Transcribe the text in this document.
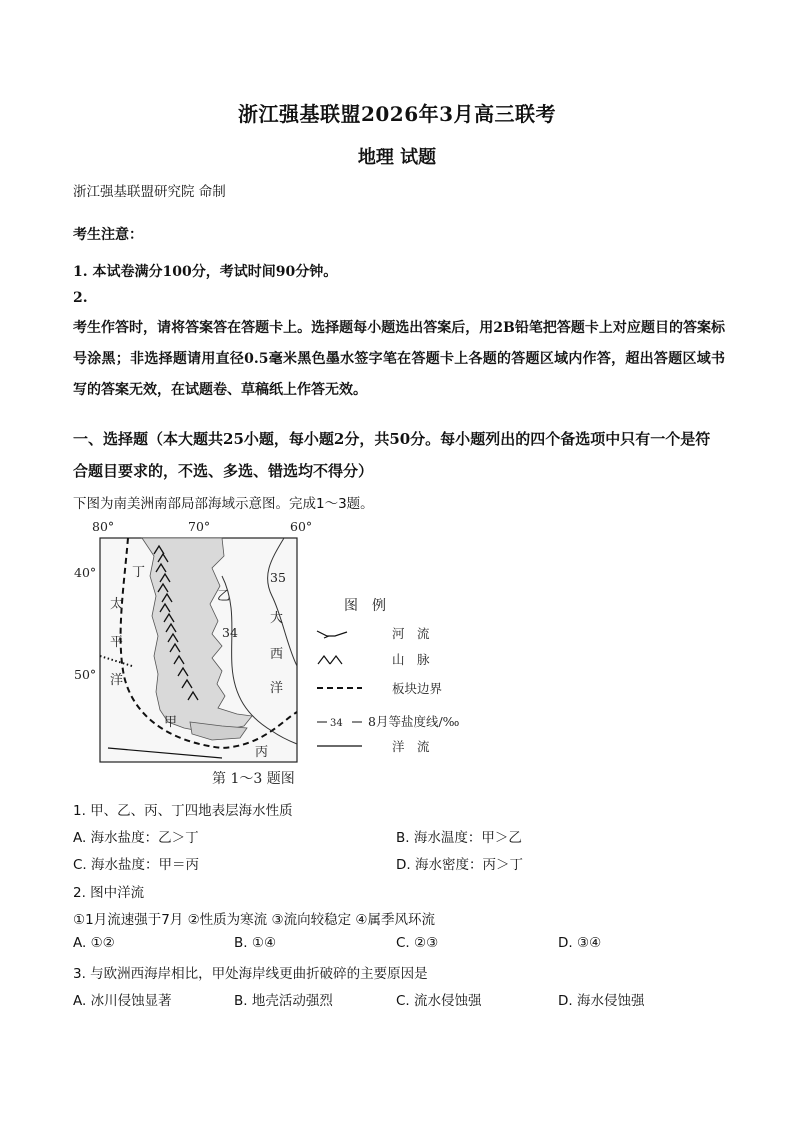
浙江强基联盟2026年3月高三联考
地理 试题
浙江强基联盟研究院 命制
考生注意：
1. 本试卷满分100分，考试时间90分钟。
2.
考生作答时，请将答案答在答题卡上。选择题每小题选出答案后，用2B铅笔把答题卡上对应题目的答案标号涂黑；非选择题请用直径0.5毫米黑色墨水签字笔在答题卡上各题的答题区域内作答，超出答题区域书写的答案无效，在试题卷、草稿纸上作答无效。
一、选择题（本大题共25小题，每小题2分，共50分。每小题列出的四个备选项中只有一个是符合题目要求的，不选、多选、错选均不得分）
下图为南美洲南部局部海域示意图。完成1～3题。
80°	70°	60°
40°
50°
35
34
丁
乙
甲
丙
太
平
洋
大
西
洋
图　例
河　流
山　脉
板块边界
34 8月等盐度线/‰
洋　流
第 1～3 题图
1. 甲、乙、丙、丁四地表层海水性质
A. 海水盐度：乙＞丁	B. 海水温度：甲＞乙
C. 海水盐度：甲＝丙	D. 海水密度：丙＞丁
2. 图中洋流
①1月流速强于7月 ②性质为寒流 ③流向较稳定 ④属季风环流
A. ①②	B. ①④	C. ②③	D. ③④
3. 与欧洲西海岸相比，甲处海岸线更曲折破碎的主要原因是
A. 冰川侵蚀显著	B. 地壳活动强烈	C. 流水侵蚀强	D. 海水侵蚀强
